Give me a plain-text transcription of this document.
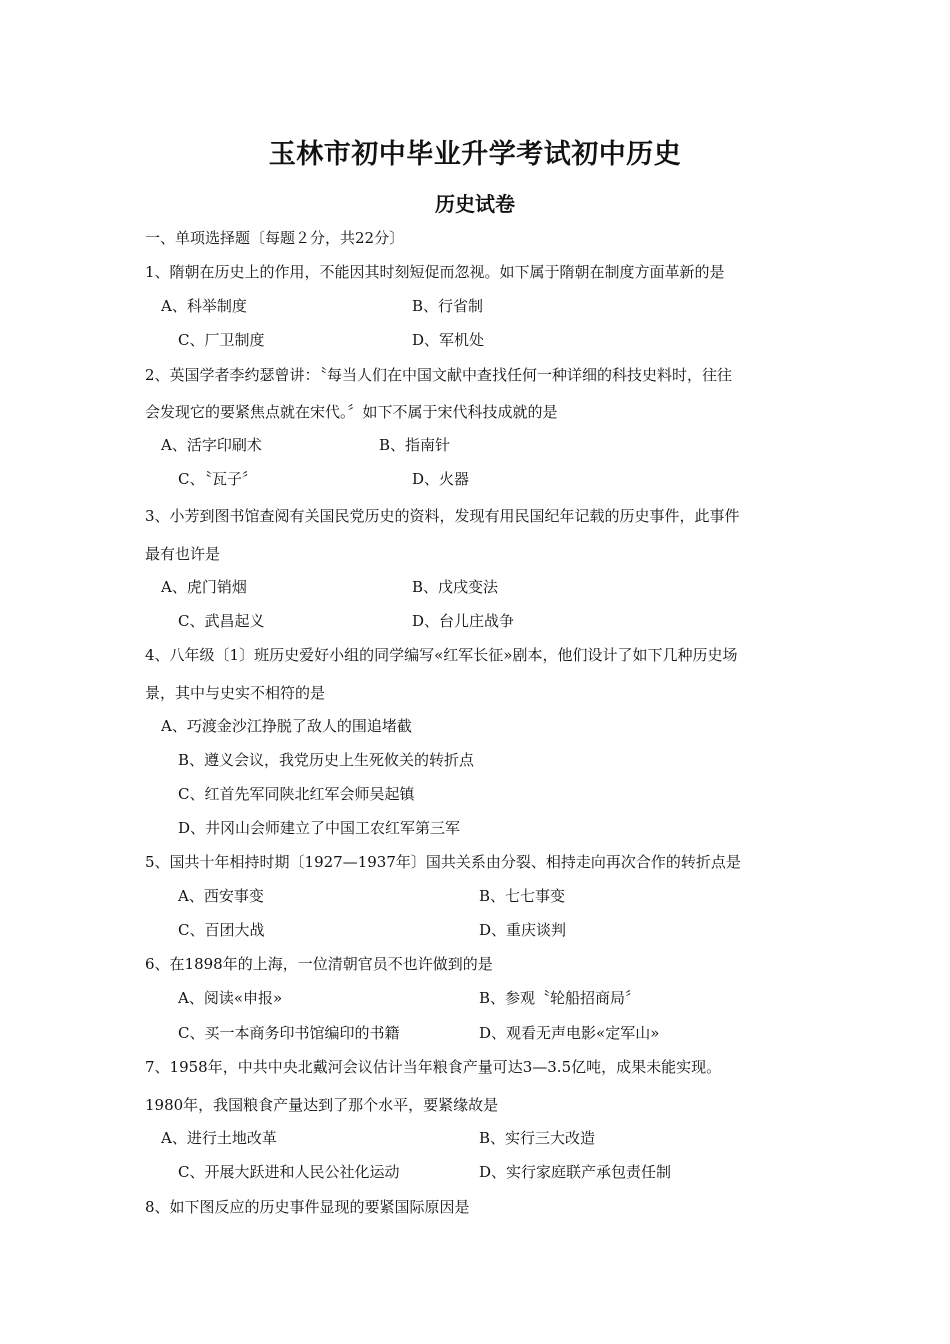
玉林市初中毕业升学考试初中历史
历史试卷
一、单项选择题〔每题２分，共22分〕
1、隋朝在历史上的作用，不能因其时刻短促而忽视。如下属于隋朝在制度方面革新的是
A、科举制度	B、行省制
C、厂卫制度	D、军机处
2、英国学者李约瑟曾讲：〝每当人们在中国文献中查找任何一种详细的科技史料时，往往
会发现它的要紧焦点就在宋代。〞如下不属于宋代科技成就的是
A、活字印刷术	B、指南针
C、〝瓦子〞	D、火器
3、小芳到图书馆查阅有关国民党历史的资料，发现有用民国纪年记载的历史事件，此事件
最有也许是
A、虎门销烟	B、戊戌变法
C、武昌起义	D、台儿庄战争
4、八年级〔1〕班历史爱好小组的同学编写«红军长征»剧本，他们设计了如下几种历史场
景，其中与史实不相符的是
A、巧渡金沙江挣脱了敌人的围追堵截
B、遵义会议，我党历史上生死攸关的转折点
C、红首先军同陕北红军会师吴起镇
D、井冈山会师建立了中国工农红军第三军
5、国共十年相持时期〔1927—1937年〕国共关系由分裂、相持走向再次合作的转折点是
A、西安事变	B、七七事变
C、百团大战	D、重庆谈判
6、在1898年的上海，一位清朝官员不也许做到的是
A、阅读«申报»	B、参观〝轮船招商局〞
C、买一本商务印书馆编印的书籍	D、观看无声电影«定军山»
7、1958年，中共中央北戴河会议估计当年粮食产量可达3—3.5亿吨，成果未能实现。
1980年，我国粮食产量达到了那个水平，要紧缘故是
A、进行土地改革	B、实行三大改造
C、开展大跃进和人民公社化运动	D、实行家庭联产承包责任制
8、如下图反应的历史事件显现的要紧国际原因是
